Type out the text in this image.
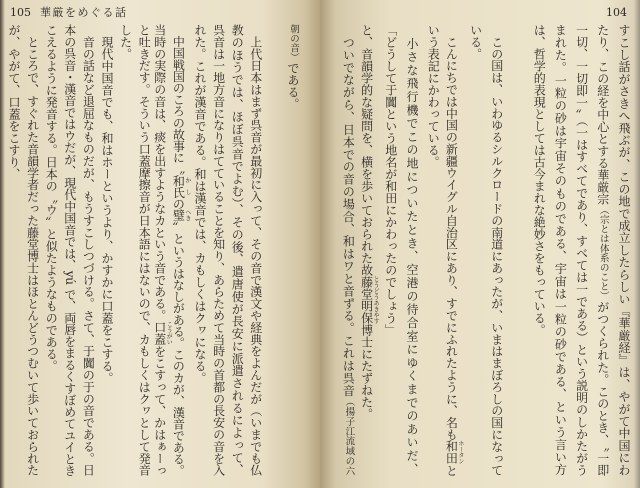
105 華厳をめぐる話	104
すこし話がさきへ飛ぶが、この地で成立したらしい『華厳経』は、やがて中国にわ
たり、この経を中心とする華厳宗（宗とは体系のこと）がつくられた。このとき、〝一即
一切、一切即一〟（一はすべてであり、すべては一である）という説明のしかたがう
まれた。一粒の砂は宇宙そのものである、宇宙は一粒の砂である、という言い方
は、哲学的表現としては古今まれな絶妙さをもっている。
　この国は、いわゆるシルクロードの南道にあったが、いまはまぼろしの国になって
いる。
　こんにちでは中国の新疆ウイグル自治区にあり、すでにふれたように、名も和田ホータンと
いう表記にかわっている。
　小さな飛行機でこの地についたとき、空港の待合室にゆくまでのあいだ、
「どうして于闐という地名が和田にかわったのでしょう」
と、音韻学的な疑問を、横を歩いておられた故藤堂明保とうどうあきやす博士にたずねた。
　ついでながら、日本での音の場合、和はワと音ずる。これは呉音（揚子江流域の六
朝の音）である。
　上代日本はまず呉音が最初に入って、その音で漢文や経典をよんだが（いまでも仏
教のほうでは、ほぼ呉音でよむ）、その後、遣唐使が長安に派遣されるによって、
呉音は一地方音になりはてていることを知り、あらためて当時の首都の長安の音を入
れた。これが漢音である。和は漢音では、カもしくはクヮになる。
　中国戦国のころの故事に〝和氏かしの璧へき〟というはなしがある。このカが、漢音である。
当時の実際の音は、痰を出すようなカという音である。口蓋こうがいをこすって、かはぁーっ
と吐きだす。そういう口蓋摩擦音が日本語にはないので、カもしくはクヮとして発音
した。
　現代中国音でも、和はホーというより、かすかに口蓋をこする。
　音の話など退屈なものだが、もうすこしつづける。さて、于闐の于の音である。日
本の呉音・漢音ではウだが、現代中国音では、yú で、両唇をまるくすぼめてユイとき
こえるように発音する。日本の〝ウ〟と似たようなものである。
　ところで、すぐれた音韻学者だった藤堂博士はほとんどうつむいて歩いておられた
が、やがて、口蓋をこすり、
